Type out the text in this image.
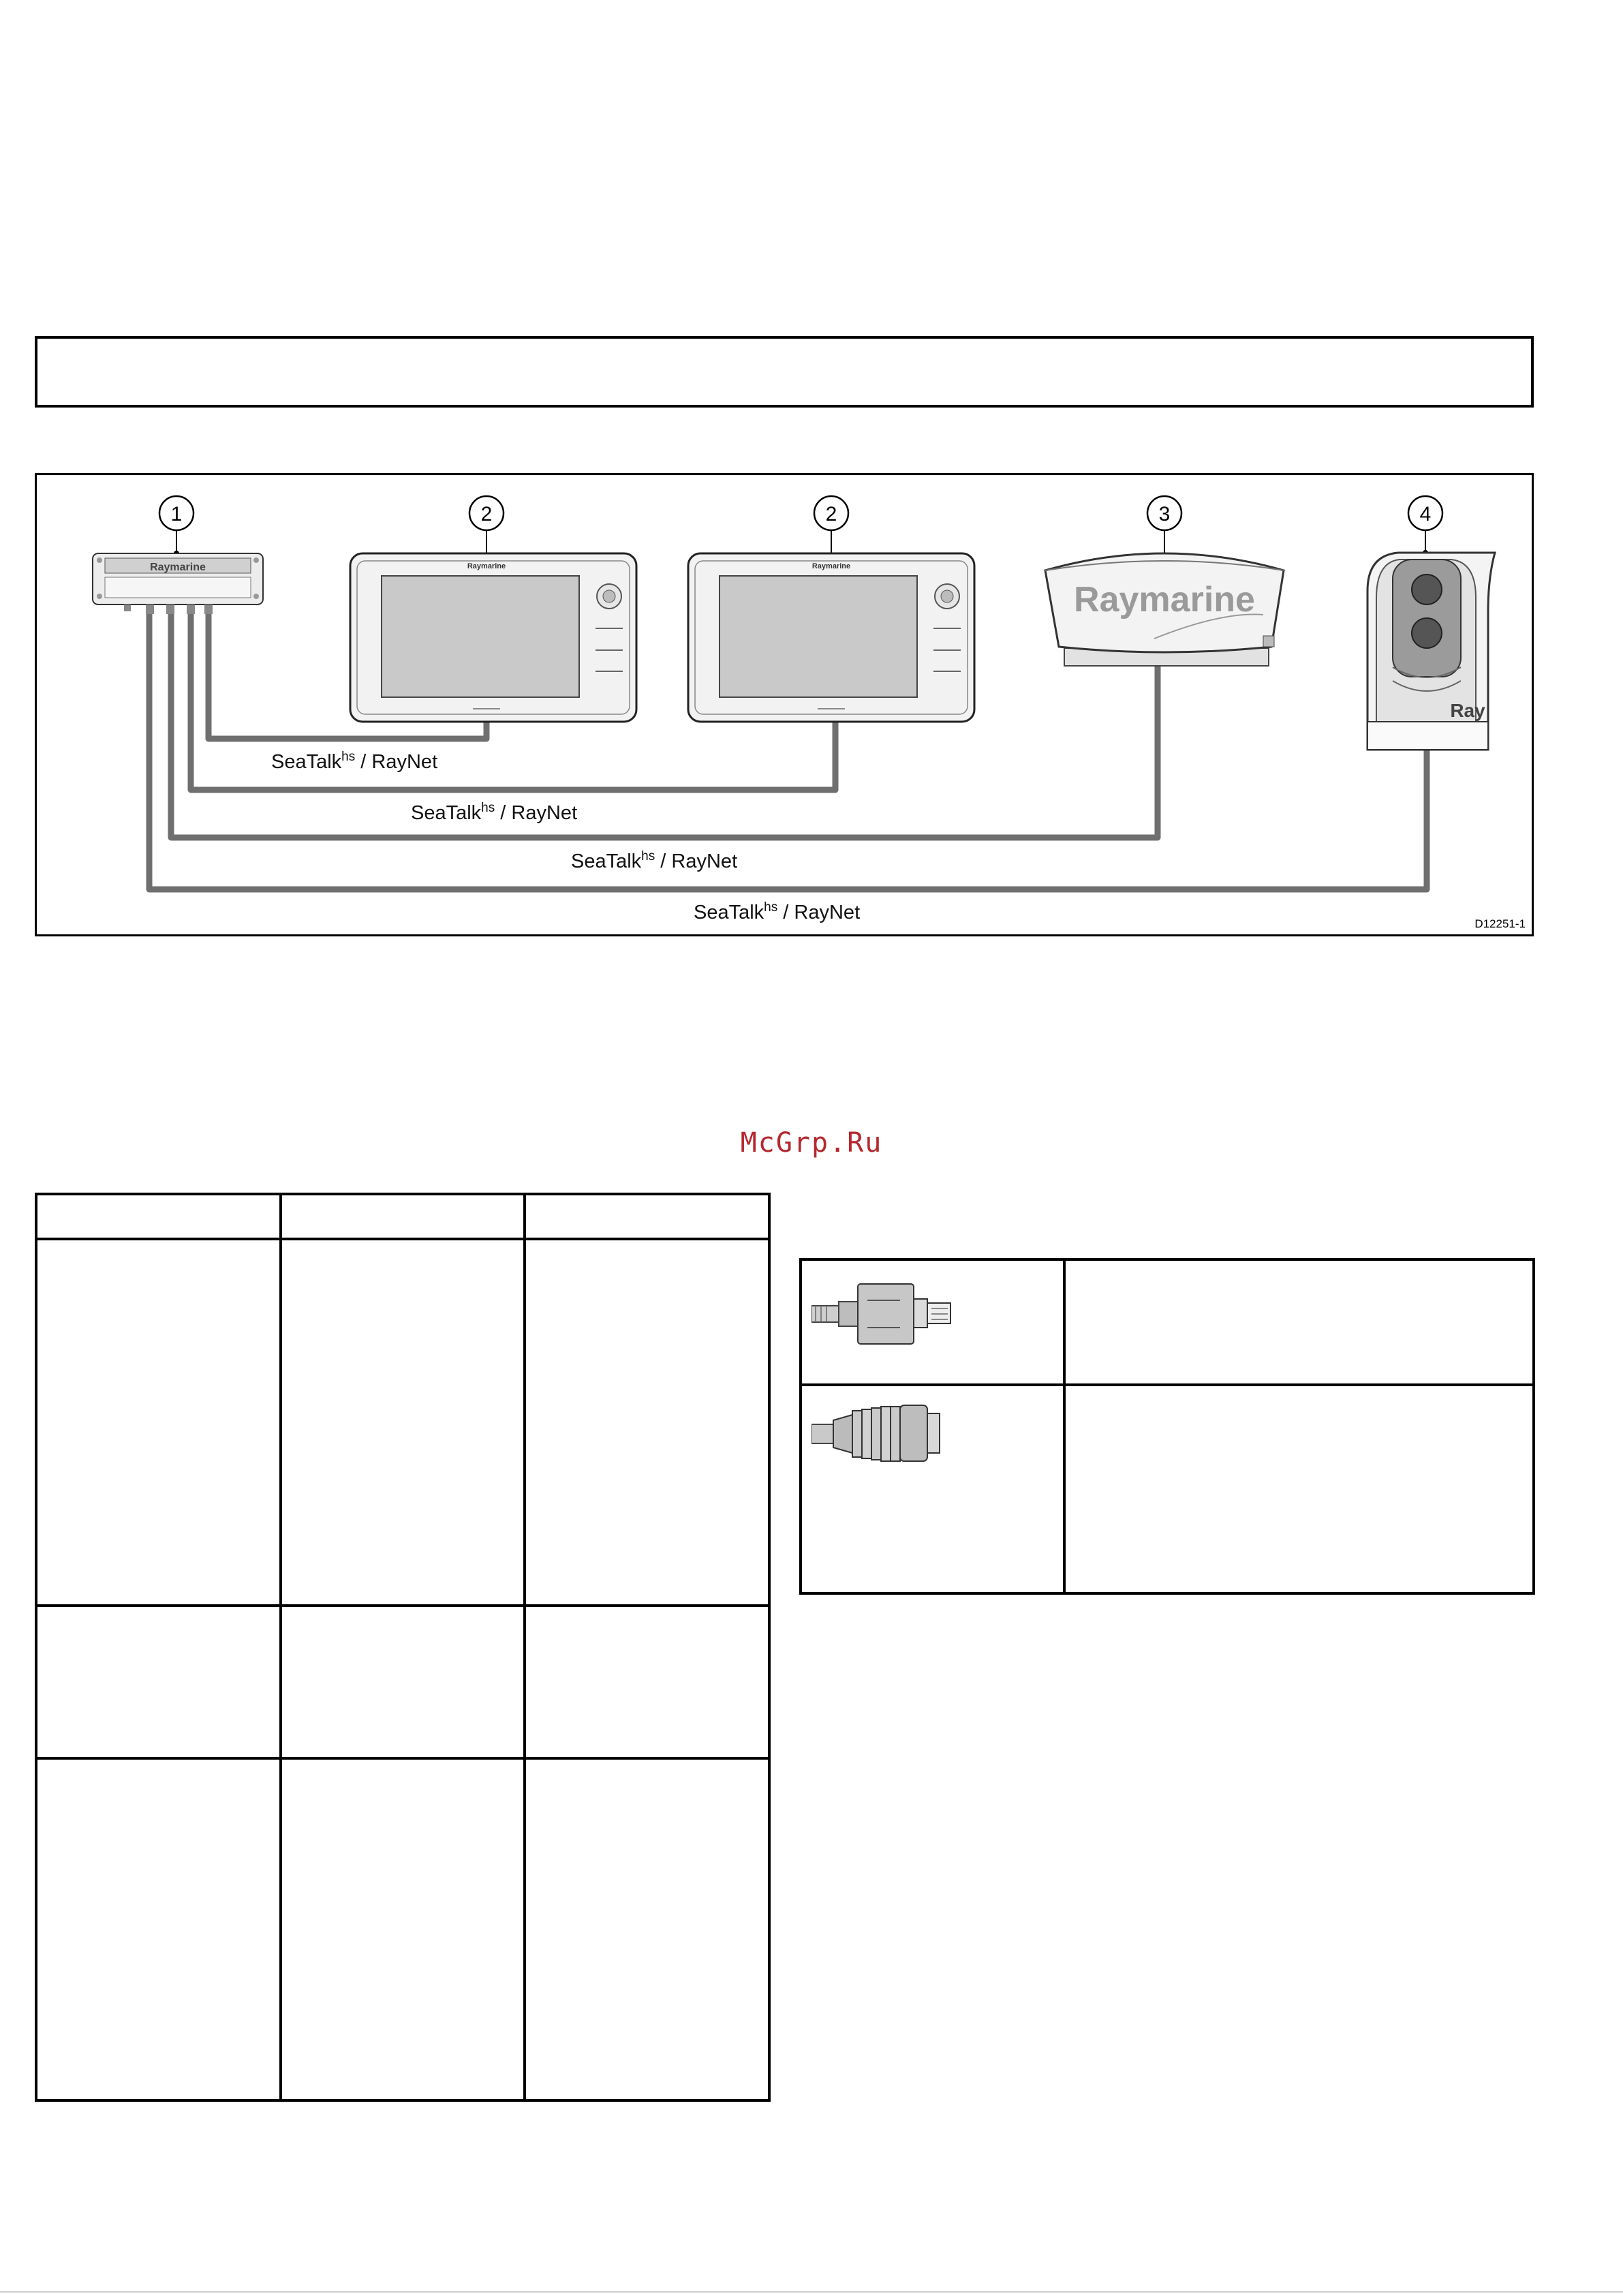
1	2	2	3	4
Raymarine	Raymarine	Raymarine
Raymarine
Ray
SeaTalk$^{hs}$ / RayNet
SeaTalk$^{hs}$ / RayNet
SeaTalk$^{hs}$ / RayNet
SeaTalk$^{hs}$ / RayNet
D12251-1
McGrp.Ru
